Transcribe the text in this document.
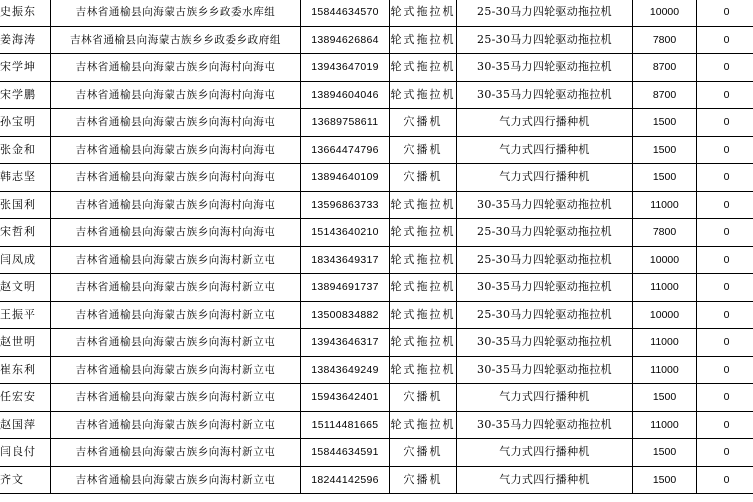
史振东	吉林省通榆县向海蒙古族乡乡政委水库组	15844634570	轮式拖拉机	25-30马力四轮驱动拖拉机	10000	0
姜海涛	吉林省通榆县向海蒙古族乡乡政委乡政府组	13894626864	轮式拖拉机	25-30马力四轮驱动拖拉机	7800	0
宋学坤	吉林省通榆县向海蒙古族乡向海村向海屯	13943647019	轮式拖拉机	30-35马力四轮驱动拖拉机	8700	0
宋学鹏	吉林省通榆县向海蒙古族乡向海村向海屯	13894604046	轮式拖拉机	30-35马力四轮驱动拖拉机	8700	0
孙宝明	吉林省通榆县向海蒙古族乡向海村向海屯	13689758611	穴播机	气力式四行播种机	1500	0
张金和	吉林省通榆县向海蒙古族乡向海村向海屯	13664474796	穴播机	气力式四行播种机	1500	0
韩志坚	吉林省通榆县向海蒙古族乡向海村向海屯	13894640109	穴播机	气力式四行播种机	1500	0
张国利	吉林省通榆县向海蒙古族乡向海村向海屯	13596863733	轮式拖拉机	30-35马力四轮驱动拖拉机	11000	0
宋哲利	吉林省通榆县向海蒙古族乡向海村向海屯	15143640210	轮式拖拉机	25-30马力四轮驱动拖拉机	7800	0
闫凤成	吉林省通榆县向海蒙古族乡向海村新立屯	18343649317	轮式拖拉机	25-30马力四轮驱动拖拉机	10000	0
赵文明	吉林省通榆县向海蒙古族乡向海村新立屯	13894691737	轮式拖拉机	30-35马力四轮驱动拖拉机	11000	0
王振平	吉林省通榆县向海蒙古族乡向海村新立屯	13500834882	轮式拖拉机	25-30马力四轮驱动拖拉机	10000	0
赵世明	吉林省通榆县向海蒙古族乡向海村新立屯	13943646317	轮式拖拉机	30-35马力四轮驱动拖拉机	11000	0
崔东利	吉林省通榆县向海蒙古族乡向海村新立屯	13843649249	轮式拖拉机	30-35马力四轮驱动拖拉机	11000	0
任宏安	吉林省通榆县向海蒙古族乡向海村新立屯	15943642401	穴播机	气力式四行播种机	1500	0
赵国萍	吉林省通榆县向海蒙古族乡向海村新立屯	15114481665	轮式拖拉机	30-35马力四轮驱动拖拉机	11000	0
闫良付	吉林省通榆县向海蒙古族乡向海村新立屯	15844634591	穴播机	气力式四行播种机	1500	0
齐文	吉林省通榆县向海蒙古族乡向海村新立屯	18244142596	穴播机	气力式四行播种机	1500	0
